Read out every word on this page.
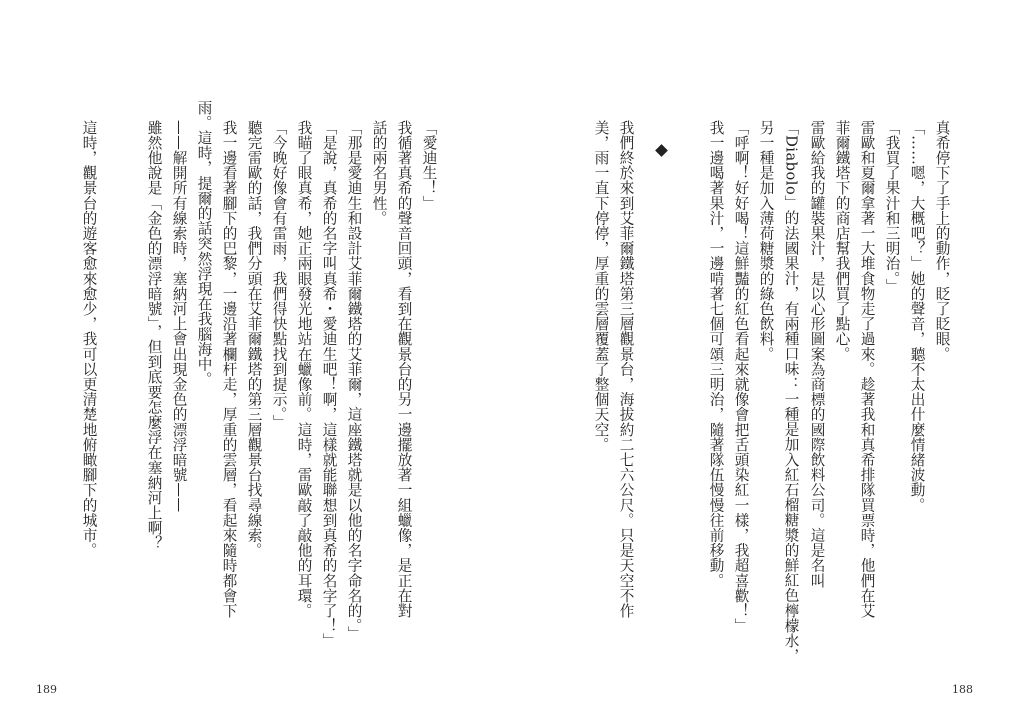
真希停下了手上的動作，眨了眨眼。
「……嗯，大概吧？」她的聲音，聽不太出什麼情緒波動。
「我買了果汁和三明治。」
雷歐和夏爾拿著一大堆食物走了過來。趁著我和真希排隊買票時，他們在艾
菲爾鐵塔下的商店幫我們買了點心。
雷歐給我的罐裝果汁，是以心形圖案為商標的國際飲料公司。這是名叫
「Diabolo」的法國果汁，有兩種口味：一種是加入紅石榴糖漿的鮮紅色檸檬水，
另一種是加入薄荷糖漿的綠色飲料。
「呼啊！好好喝！這鮮豔的紅色看起來就像會把舌頭染紅一樣，我超喜歡！」
我一邊喝著果汁，一邊啃著七個可頌三明治，隨著隊伍慢慢往前移動。
我們終於來到艾菲爾鐵塔第三層觀景台，海拔約二七六公尺。只是天空不作
美，雨一直下停停，厚重的雲層覆蓋了整個天空。
188
「愛迪生！」
我循著真希的聲音回頭，看到在觀景台的另一邊擺放著一組蠟像，是正在對
話的兩名男性。
「那是愛迪生和設計艾菲爾鐵塔的艾菲爾，這座鐵塔就是以他的名字命名的。」
「是說，真希的名字叫真希・愛迪生吧！啊，這樣就能聯想到真希的名字了！」
我瞄了眼真希，她正兩眼發光地站在蠟像前。這時，雷歐敲了敲他的耳環。
「今晚好像會有雷雨，我們得快點找到提示。」
聽完雷歐的話，我們分頭在艾菲爾鐵塔的第三層觀景台找尋線索。
我一邊看著腳下的巴黎，一邊沿著欄杆走，厚重的雲層，看起來隨時都會下
雨。這時，提爾的話突然浮現在我腦海中。
——解開所有線索時，塞納河上會出現金色的漂浮暗號——
雖然他說是「金色的漂浮暗號」，但到底要怎麼浮在塞納河上啊？
這時，觀景台的遊客愈來愈少，我可以更清楚地俯瞰腳下的城市。
189
